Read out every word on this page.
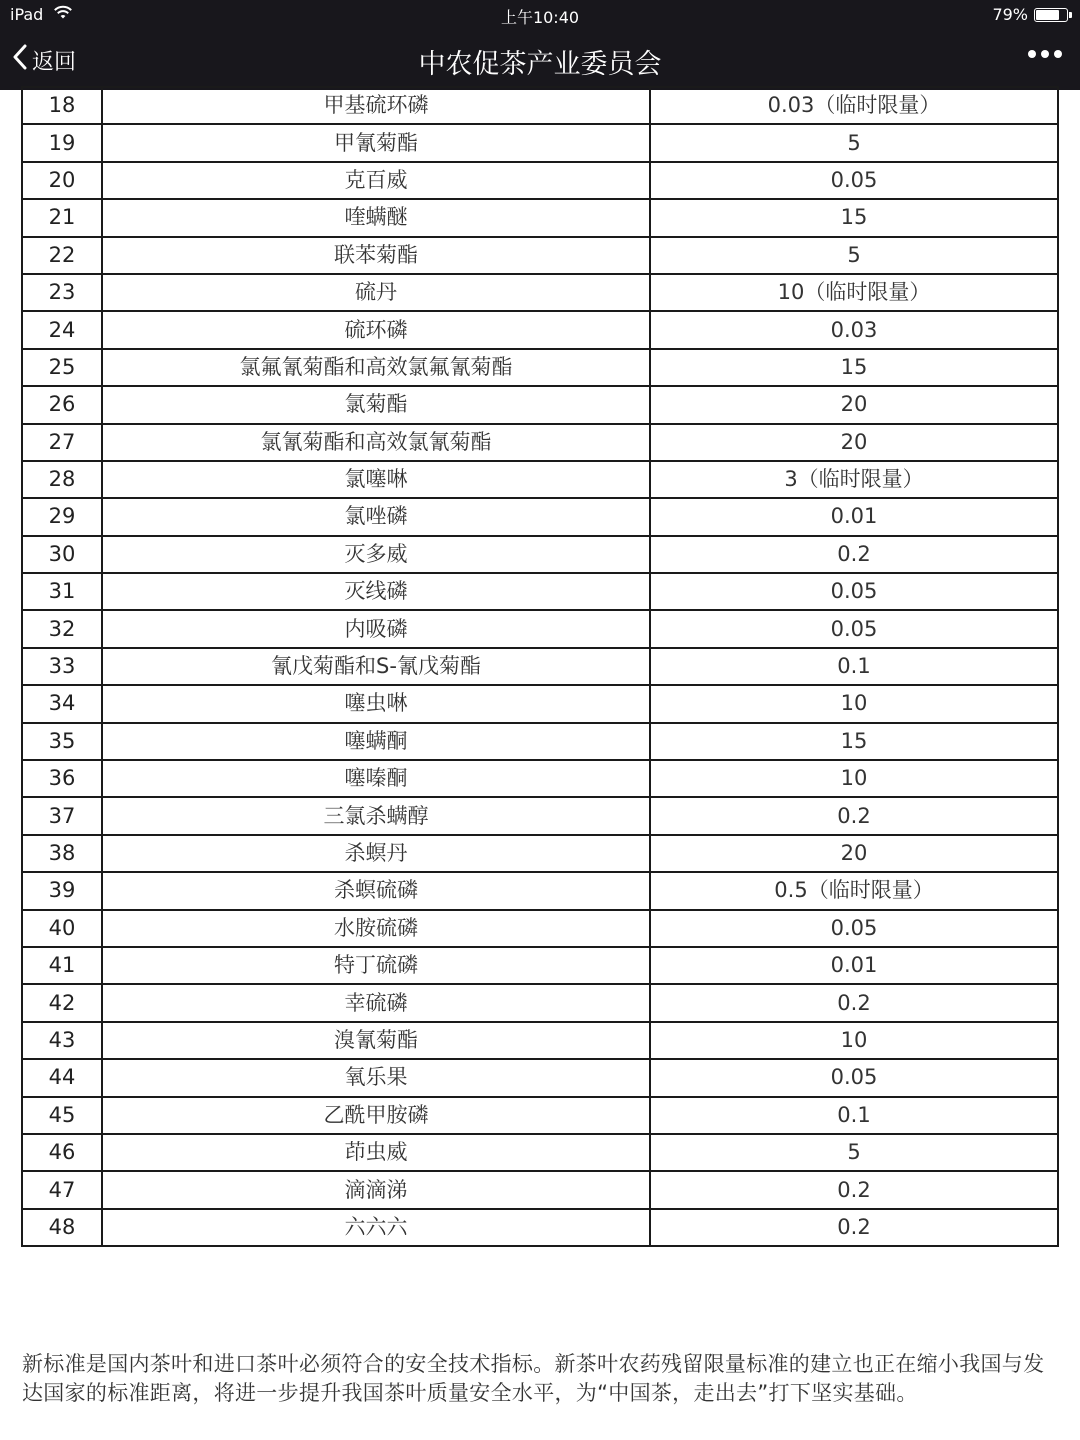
iPad	上午10:40	79%
返回	中农促茶产业委员会
18	甲基硫环磷	0.03（临时限量）
19	甲氰菊酯	5
20	克百威	0.05
21	喹螨醚	15
22	联苯菊酯	5
23	硫丹	10（临时限量）
24	硫环磷	0.03
25	氯氟氰菊酯和高效氯氟氰菊酯	15
26	氯菊酯	20
27	氯氰菊酯和高效氯氰菊酯	20
28	氯噻啉	3（临时限量）
29	氯唑磷	0.01
30	灭多威	0.2
31	灭线磷	0.05
32	内吸磷	0.05
33	氰戊菊酯和S-氰戊菊酯	0.1
34	噻虫啉	10
35	噻螨酮	15
36	噻嗪酮	10
37	三氯杀螨醇	0.2
38	杀螟丹	20
39	杀螟硫磷	0.5（临时限量）
40	水胺硫磷	0.05
41	特丁硫磷	0.01
42	幸硫磷	0.2
43	溴氰菊酯	10
44	氧乐果	0.05
45	乙酰甲胺磷	0.1
46	茚虫威	5
47	滴滴涕	0.2
48	六六六	0.2
新标准是国内茶叶和进口茶叶必须符合的安全技术指标。新茶叶农药残留限量标准的建立也正在缩小我国与发达国家的标准距离，将进一步提升我国茶叶质量安全水平，为“中国茶，走出去”打下坚实基础。
